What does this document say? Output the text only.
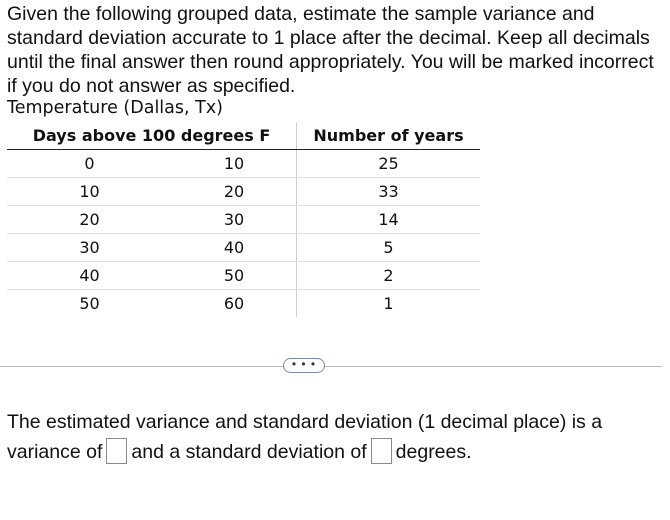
Given the following grouped data, estimate the sample variance and standard deviation accurate to 1 place after the decimal. Keep all decimals until the final answer then round appropriately. You will be marked incorrect if you do not answer as specified.

Temperature (Dallas, Tx)
Days above 100 degrees F		Number of years
0	10	25
10	20	33
20	30	14
30	40	5
40	50	2
50	60	1
• • •

The estimated variance and standard deviation (1 decimal place) is a
variance of and a standard deviation of degrees.
